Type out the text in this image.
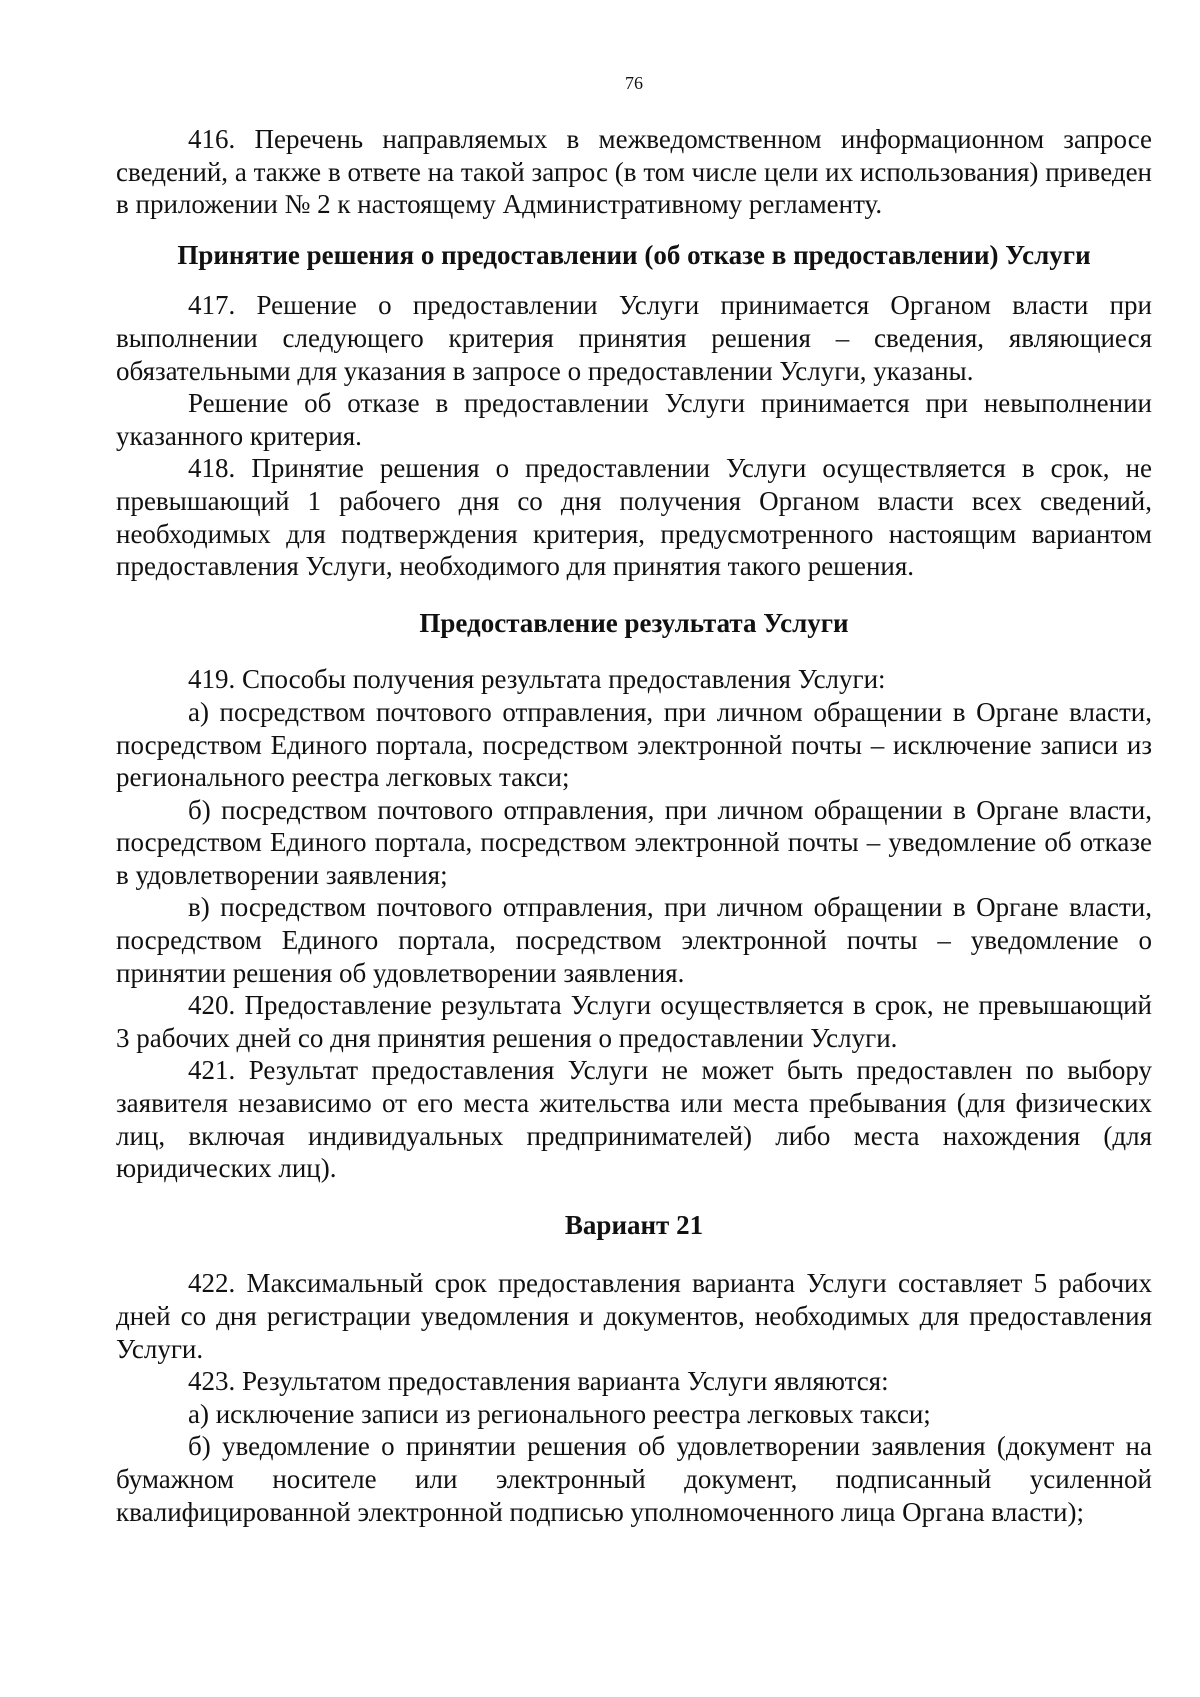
76

416. Перечень направляемых в межведомственном информационном запросе сведений, а также в ответе на такой запрос (в том числе цели их использования) приведен в приложении № 2 к настоящему Административному регламенту.

Принятие решения о предоставлении (об отказе в предоставлении) Услуги

417. Решение о предоставлении Услуги принимается Органом власти при выполнении следующего критерия принятия решения – сведения, являющиеся обязательными для указания в запросе о предоставлении Услуги, указаны.

Решение об отказе в предоставлении Услуги принимается при невыполнении указанного критерия.

418. Принятие решения о предоставлении Услуги осуществляется в срок, не превышающий 1 рабочего дня со дня получения Органом власти всех сведений, необходимых для подтверждения критерия, предусмотренного настоящим вариантом предоставления Услуги, необходимого для принятия такого решения.

Предоставление результата Услуги

419. Способы получения результата предоставления Услуги:

а) посредством почтового отправления, при личном обращении в Органе власти, посредством Единого портала, посредством электронной почты – исключение записи из регионального реестра легковых такси;

б) посредством почтового отправления, при личном обращении в Органе власти, посредством Единого портала, посредством электронной почты – уведомление об отказе в удовлетворении заявления;

в) посредством почтового отправления, при личном обращении в Органе власти, посредством Единого портала, посредством электронной почты – уведомление о принятии решения об удовлетворении заявления.

420. Предоставление результата Услуги осуществляется в срок, не превышающий 3 рабочих дней со дня принятия решения о предоставлении Услуги.

421. Результат предоставления Услуги не может быть предоставлен по выбору заявителя независимо от его места жительства или места пребывания (для физических лиц, включая индивидуальных предпринимателей) либо места нахождения (для юридических лиц).

Вариант 21

422. Максимальный срок предоставления варианта Услуги составляет 5 рабочих дней со дня регистрации уведомления и документов, необходимых для предоставления Услуги.

423. Результатом предоставления варианта Услуги являются:

а) исключение записи из регионального реестра легковых такси;

б) уведомление о принятии решения об удовлетворении заявления (документ на бумажном носителе или электронный документ, подписанный усиленной квалифицированной электронной подписью уполномоченного лица Органа власти);
